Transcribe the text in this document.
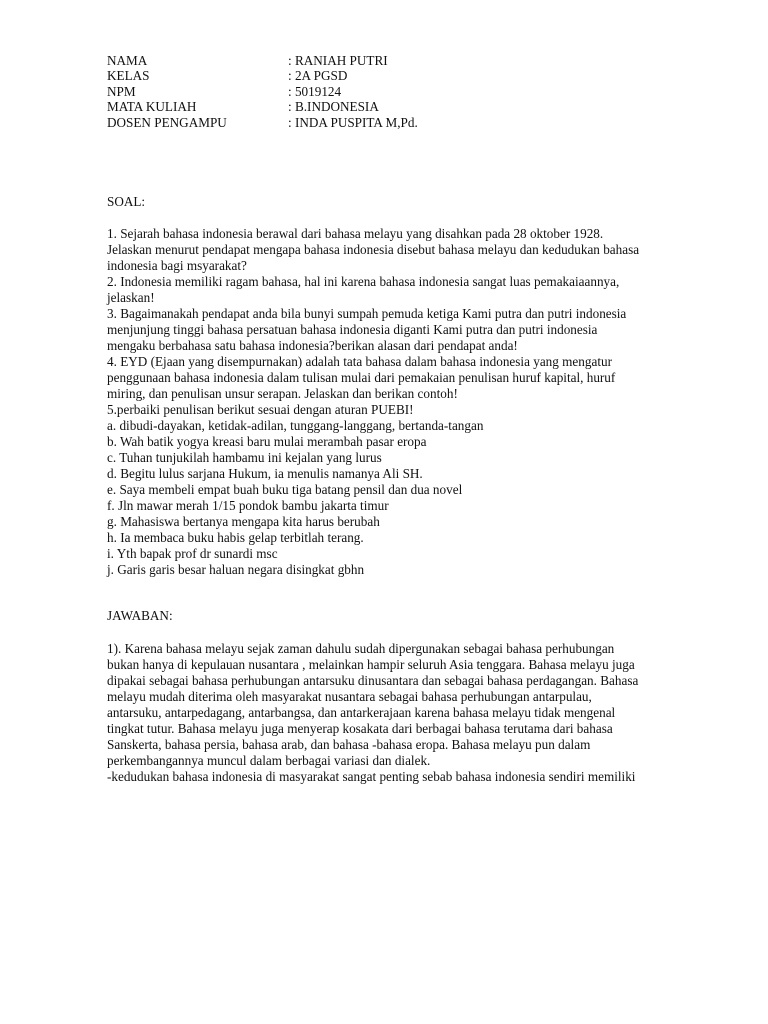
NAMA	: RANIAH PUTRI
KELAS	: 2A PGSD
NPM	: 5019124
MATA KULIAH	: B.INDONESIA
DOSEN PENGAMPU	: INDA PUSPITA M,Pd.
SOAL:
1. Sejarah bahasa indonesia berawal dari bahasa melayu yang disahkan pada 28 oktober 1928.
Jelaskan menurut pendapat mengapa bahasa indonesia disebut bahasa melayu dan kedudukan bahasa
indonesia bagi msyarakat?
2. Indonesia memiliki ragam bahasa, hal ini karena bahasa indonesia sangat luas pemakaiaannya,
jelaskan!
3. Bagaimanakah pendapat anda bila bunyi sumpah pemuda ketiga Kami putra dan putri indonesia
menjunjung tinggi bahasa persatuan bahasa indonesia diganti Kami putra dan putri indonesia
mengaku berbahasa satu bahasa indonesia?berikan alasan dari pendapat anda!
4. EYD (Ejaan yang disempurnakan) adalah tata bahasa dalam bahasa indonesia yang mengatur
penggunaan bahasa indonesia dalam tulisan mulai dari pemakaian penulisan huruf kapital, huruf
miring, dan penulisan unsur serapan. Jelaskan dan berikan contoh!
5.perbaiki penulisan berikut sesuai dengan aturan PUEBI!
a. dibudi-dayakan, ketidak-adilan, tunggang-langgang, bertanda-tangan
b. Wah batik yogya kreasi baru mulai merambah pasar eropa
c. Tuhan tunjukilah hambamu ini kejalan yang lurus
d. Begitu lulus sarjana Hukum, ia menulis namanya Ali SH.
e. Saya membeli empat buah buku tiga batang pensil dan dua novel
f. Jln mawar merah 1/15 pondok bambu jakarta timur
g. Mahasiswa bertanya mengapa kita harus berubah
h. Ia membaca buku habis gelap terbitlah terang.
i. Yth bapak prof dr sunardi msc
j. Garis garis besar haluan negara disingkat gbhn
JAWABAN:
1). Karena bahasa melayu sejak zaman dahulu sudah dipergunakan sebagai bahasa perhubungan
bukan hanya di kepulauan nusantara , melainkan hampir seluruh Asia tenggara. Bahasa melayu juga
dipakai sebagai bahasa perhubungan antarsuku dinusantara dan sebagai bahasa perdagangan. Bahasa
melayu mudah diterima oleh masyarakat nusantara sebagai bahasa perhubungan antarpulau,
antarsuku, antarpedagang, antarbangsa, dan antarkerajaan karena bahasa melayu tidak mengenal
tingkat tutur. Bahasa melayu juga menyerap kosakata dari berbagai bahasa terutama dari bahasa
Sanskerta, bahasa persia, bahasa arab, dan bahasa -bahasa eropa. Bahasa melayu pun dalam
perkembangannya muncul dalam berbagai variasi dan dialek.
-kedudukan bahasa indonesia di masyarakat sangat penting sebab bahasa indonesia sendiri memiliki
